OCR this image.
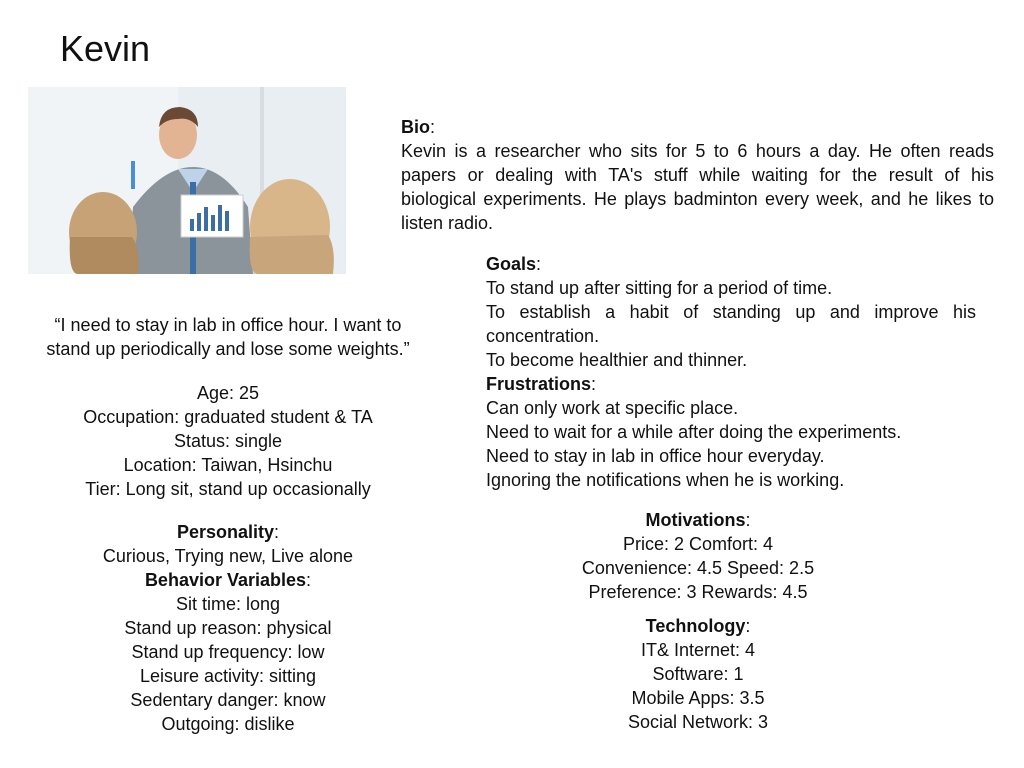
Kevin
Bio:
Kevin is a researcher who sits for 5 to 6 hours a day. He often reads papers or dealing with TA's stuff while waiting for the result of his biological experiments. He plays badminton every week, and he likes to listen radio.
Goals:
To stand up after sitting for a period of time.
To establish a habit of standing up and improve his concentration.
To become healthier and thinner.
Frustrations:
Can only work at specific place.
Need to wait for a while after doing the experiments.
Need to stay in lab in office hour everyday.
Ignoring the notifications when he is working.
“I need to stay in lab in office hour. I want to
stand up periodically and lose some weights.”
Age: 25
Occupation: graduated student & TA
Status: single
Location: Taiwan, Hsinchu
Tier: Long sit, stand up occasionally
Personality:
Curious, Trying new, Live alone
Behavior Variables:
Sit time: long
Stand up reason: physical
Stand up frequency: low
Leisure activity: sitting
Sedentary danger: know
Outgoing: dislike
Motivations:
Price: 2 Comfort: 4
Convenience: 4.5 Speed: 2.5
Preference: 3 Rewards: 4.5
Technology:
IT& Internet: 4
Software: 1
Mobile Apps: 3.5
Social Network: 3
